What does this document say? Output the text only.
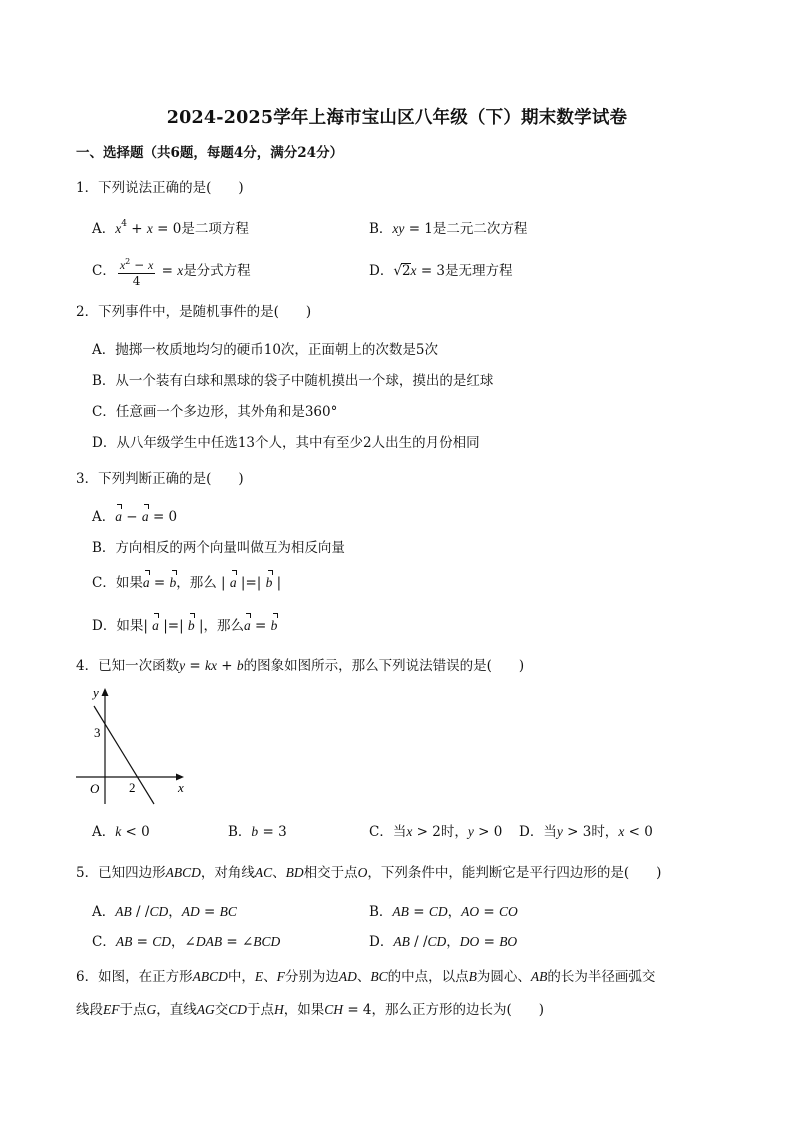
2024-2025学年上海市宝山区八年级（下）期末数学试卷
一、选择题（共6题，每题4分，满分24分）
1．下列说法正确的是(　　)
A．$x^4 + x = 0$是二项方程	B．xy = 1是二元二次方程
C． $\frac{x^2 - x}{4} = x$是分式方程	D．√2x = 3是无理方程
2．下列事件中，是随机事件的是(　　)
A．抛掷一枚质地均匀的硬币10次，正面朝上的次数是5次
B．从一个装有白球和黑球的袋子中随机摸出一个球，摸出的是红球
C．任意画一个多边形，其外角和是360°
D．从八年级学生中任选13个人，其中有至少2人出生的月份相同
3．下列判断正确的是(　　)
A．a − a = 0
B．方向相反的两个向量叫做互为相反向量
C．如果a = b，那么 | a |=| b |
D．如果| a |=| b |，那么a = b
4．已知一次函数y = kx + b的图象如图所示，那么下列说法错误的是(　　)
y
x
O
3
2
A．k < 0	B．b = 3	C．当x > 2时，y > 0 D．当y > 3时，x < 0
5．已知四边形ABCD，对角线AC、BD相交于点O，下列条件中，能判断它是平行四边形的是(　　)
A．AB / /CD，AD = BC	B．AB = CD，AO = CO
C．AB = CD，∠DAB = ∠BCD	D．AB / /CD，DO = BO
6．如图，在正方形ABCD中，E、F分别为边AD、BC的中点，以点B为圆心、AB的长为半径画弧交
线段EF于点G，直线AG交CD于点H，如果CH = 4，那么正方形的边长为(　　)
